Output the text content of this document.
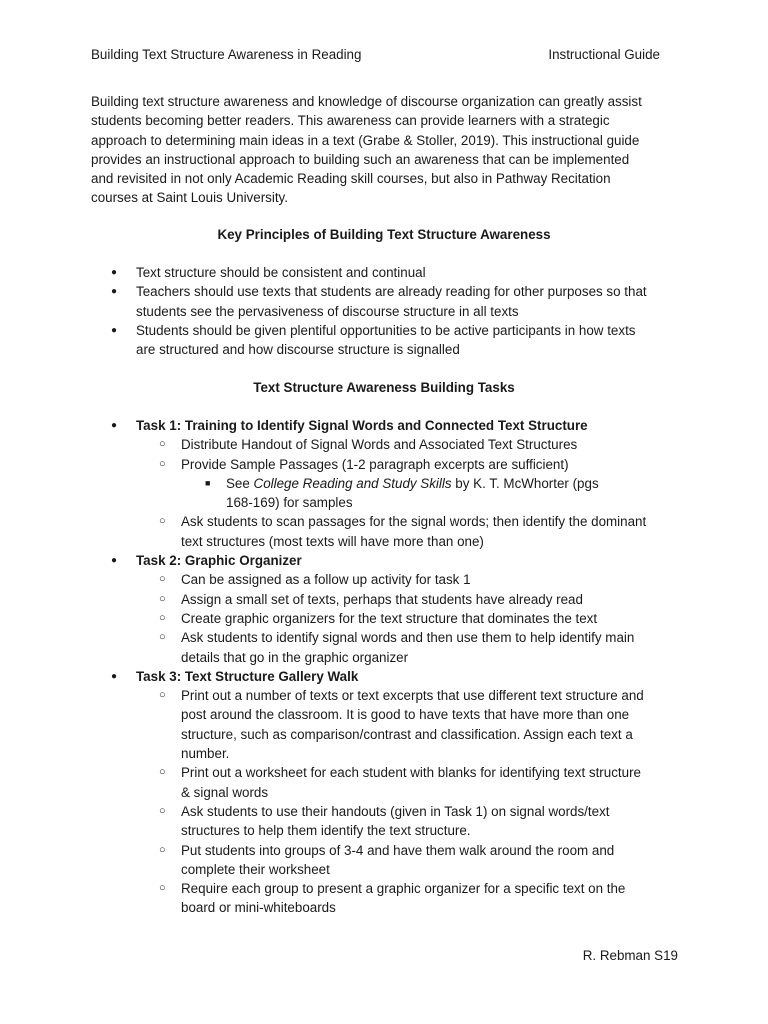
Building Text Structure Awareness in Reading	Instructional Guide

Building text structure awareness and knowledge of discourse organization can greatly assist
students becoming better readers. This awareness can provide learners with a strategic
approach to determining main ideas in a text (Grabe & Stoller, 2019). This instructional guide
provides an instructional approach to building such an awareness that can be implemented
and revisited in not only Academic Reading skill courses, but also in Pathway Recitation
courses at Saint Louis University.

Key Principles of Building Text Structure Awareness
● Text structure should be consistent and continual
● Teachers should use texts that students are already reading for other purposes so that
students see the pervasiveness of discourse structure in all texts
● Students should be given plentiful opportunities to be active participants in how texts
are structured and how discourse structure is signalled
Text Structure Awareness Building Tasks
● Task 1: Training to Identify Signal Words and Connected Text Structure
○ Distribute Handout of Signal Words and Associated Text Structures
○ Provide Sample Passages (1-2 paragraph excerpts are sufficient)
■ See College Reading and Study Skills by K. T. McWhorter (pgs
168-169) for samples
○ Ask students to scan passages for the signal words; then identify the dominant
text structures (most texts will have more than one)
● Task 2: Graphic Organizer
○ Can be assigned as a follow up activity for task 1
○ Assign a small set of texts, perhaps that students have already read
○ Create graphic organizers for the text structure that dominates the text
○ Ask students to identify signal words and then use them to help identify main
details that go in the graphic organizer
● Task 3: Text Structure Gallery Walk
○ Print out a number of texts or text excerpts that use different text structure and
post around the classroom. It is good to have texts that have more than one
structure, such as comparison/contrast and classification. Assign each text a
number.
○ Print out a worksheet for each student with blanks for identifying text structure
& signal words
○ Ask students to use their handouts (given in Task 1) on signal words/text
structures to help them identify the text structure.
○ Put students into groups of 3-4 and have them walk around the room and
complete their worksheet
○ Require each group to present a graphic organizer for a specific text on the
board or mini-whiteboards
R. Rebman S19
